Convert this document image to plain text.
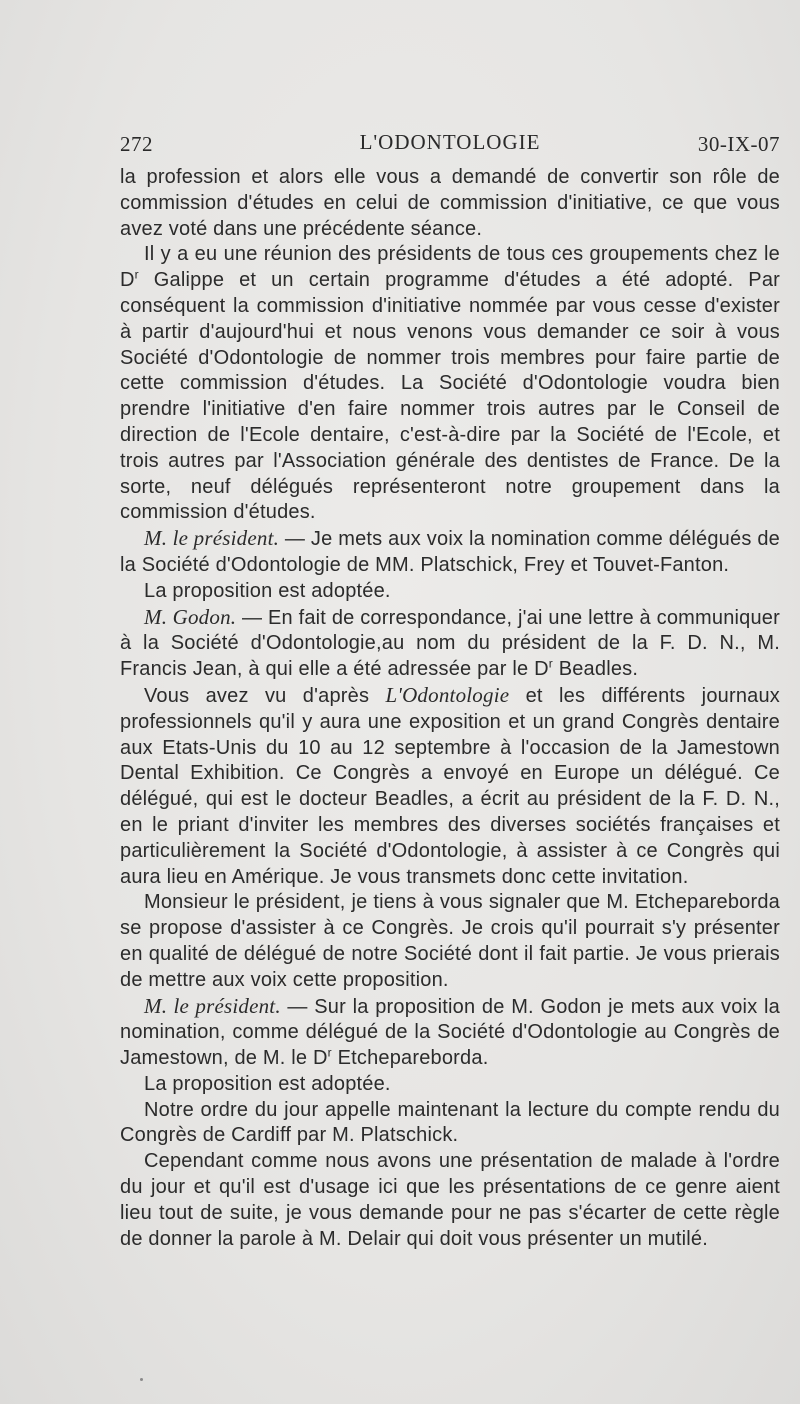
272	L'ODONTOLOGIE	30-IX-07

la profession et alors elle vous a demandé de convertir son rôle de commission d'études en celui de commission d'initiative, ce que vous avez voté dans une précédente séance.

Il y a eu une réunion des présidents de tous ces groupements chez le $D^r$ Galippe et un certain programme d'études a été adopté. Par conséquent la commission d'initiative nommée par vous cesse d'exister à partir d'aujourd'hui et nous venons vous demander ce soir à vous Société d'Odontologie de nommer trois membres pour faire partie de cette commission d'études. La Société d'Odontologie voudra bien prendre l'initiative d'en faire nommer trois autres par le Conseil de direction de l'Ecole dentaire, c'est-à-dire par la Société de l'Ecole, et trois autres par l'Association générale des dentistes de France. De la sorte, neuf délégués représenteront notre groupement dans la commission d'études.

M. le président. — Je mets aux voix la nomination comme délégués de la Société d'Odontologie de MM. Platschick, Frey et Touvet-Fanton.

La proposition est adoptée.

M. Godon. — En fait de correspondance, j'ai une lettre à communiquer à la Société d'Odontologie,au nom du président de la F. D. N., M. Francis Jean, à qui elle a été adressée par le $D^r$ Beadles.

Vous avez vu d'après L'Odontologie et les différents journaux professionnels qu'il y aura une exposition et un grand Congrès dentaire aux Etats-Unis du 10 au 12 septembre à l'occasion de la Jamestown Dental Exhibition. Ce Congrès a envoyé en Europe un délégué. Ce délégué, qui est le docteur Beadles, a écrit au président de la F. D. N., en le priant d'inviter les membres des diverses sociétés françaises et particulièrement la Société d'Odontologie, à assister à ce Congrès qui aura lieu en Amérique. Je vous transmets donc cette invitation.

Monsieur le président, je tiens à vous signaler que M. Etchepareborda se propose d'assister à ce Congrès. Je crois qu'il pourrait s'y présenter en qualité de délégué de notre Société dont il fait partie. Je vous prierais de mettre aux voix cette proposition.

M. le président. — Sur la proposition de M. Godon je mets aux voix la nomination, comme délégué de la Société d'Odontologie au Congrès de Jamestown, de M. le $D^r$ Etchepareborda.

La proposition est adoptée.

Notre ordre du jour appelle maintenant la lecture du compte rendu du Congrès de Cardiff par M. Platschick.

Cependant comme nous avons une présentation de malade à l'ordre du jour et qu'il est d'usage ici que les présentations de ce genre aient lieu tout de suite, je vous demande pour ne pas s'écarter de cette règle de donner la parole à M. Delair qui doit vous présenter un mutilé.
